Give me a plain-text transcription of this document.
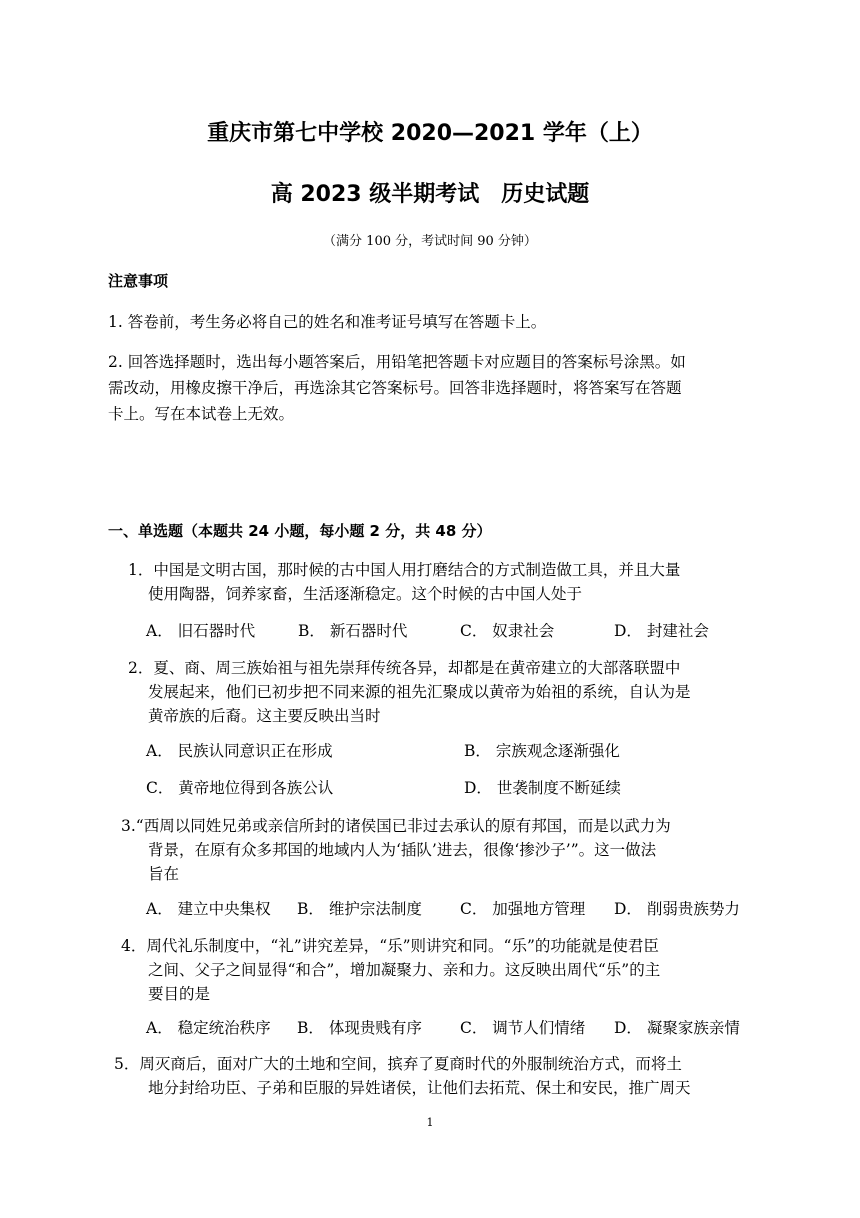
重庆市第七中学校 2020—2021 学年（上）
高 2023 级半期考试　历史试题
（满分 100 分，考试时间 90 分钟）
注意事项
1. 答卷前，考生务必将自己的姓名和准考证号填写在答题卡上。
2. 回答选择题时，选出每小题答案后，用铅笔把答题卡对应题目的答案标号涂黑。如
需改动，用橡皮擦干净后，再选涂其它答案标号。回答非选择题时，将答案写在答题
卡上。写在本试卷上无效。
一、单选题（本题共 24 小题，每小题 2 分，共 48 分）
1．中国是文明古国，那时候的古中国人用打磨结合的方式制造做工具，并且大量
使用陶器，饲养家畜，生活逐渐稳定。这个时候的古中国人处于
A． 旧石器时代	B． 新石器时代	C． 奴隶社会	D． 封建社会
2．夏、商、周三族始祖与祖先崇拜传统各异，却都是在黄帝建立的大部落联盟中
发展起来，他们已初步把不同来源的祖先汇聚成以黄帝为始祖的系统，自认为是
黄帝族的后裔。这主要反映出当时
A． 民族认同意识正在形成	B． 宗族观念逐渐强化
C． 黄帝地位得到各族公认	D． 世袭制度不断延续
3.“西周以同姓兄弟或亲信所封的诸侯国已非过去承认的原有邦国，而是以武力为
背景，在原有众多邦国的地域内人为‘插队’进去，很像‘掺沙子’”。这一做法
旨在
A． 建立中央集权 B． 维护宗法制度 C． 加强地方管理 D． 削弱贵族势力
4．周代礼乐制度中，“礼”讲究差异，“乐”则讲究和同。“乐”的功能就是使君臣
之间、父子之间显得“和合”，增加凝聚力、亲和力。这反映出周代“乐”的主
要目的是
A． 稳定统治秩序 B． 体现贵贱有序 C． 调节人们情绪 D． 凝聚家族亲情
5．周灭商后，面对广大的土地和空间，摈弃了夏商时代的外服制统治方式，而将土
地分封给功臣、子弟和臣服的异姓诸侯，让他们去拓荒、保土和安民，推广周天
1
